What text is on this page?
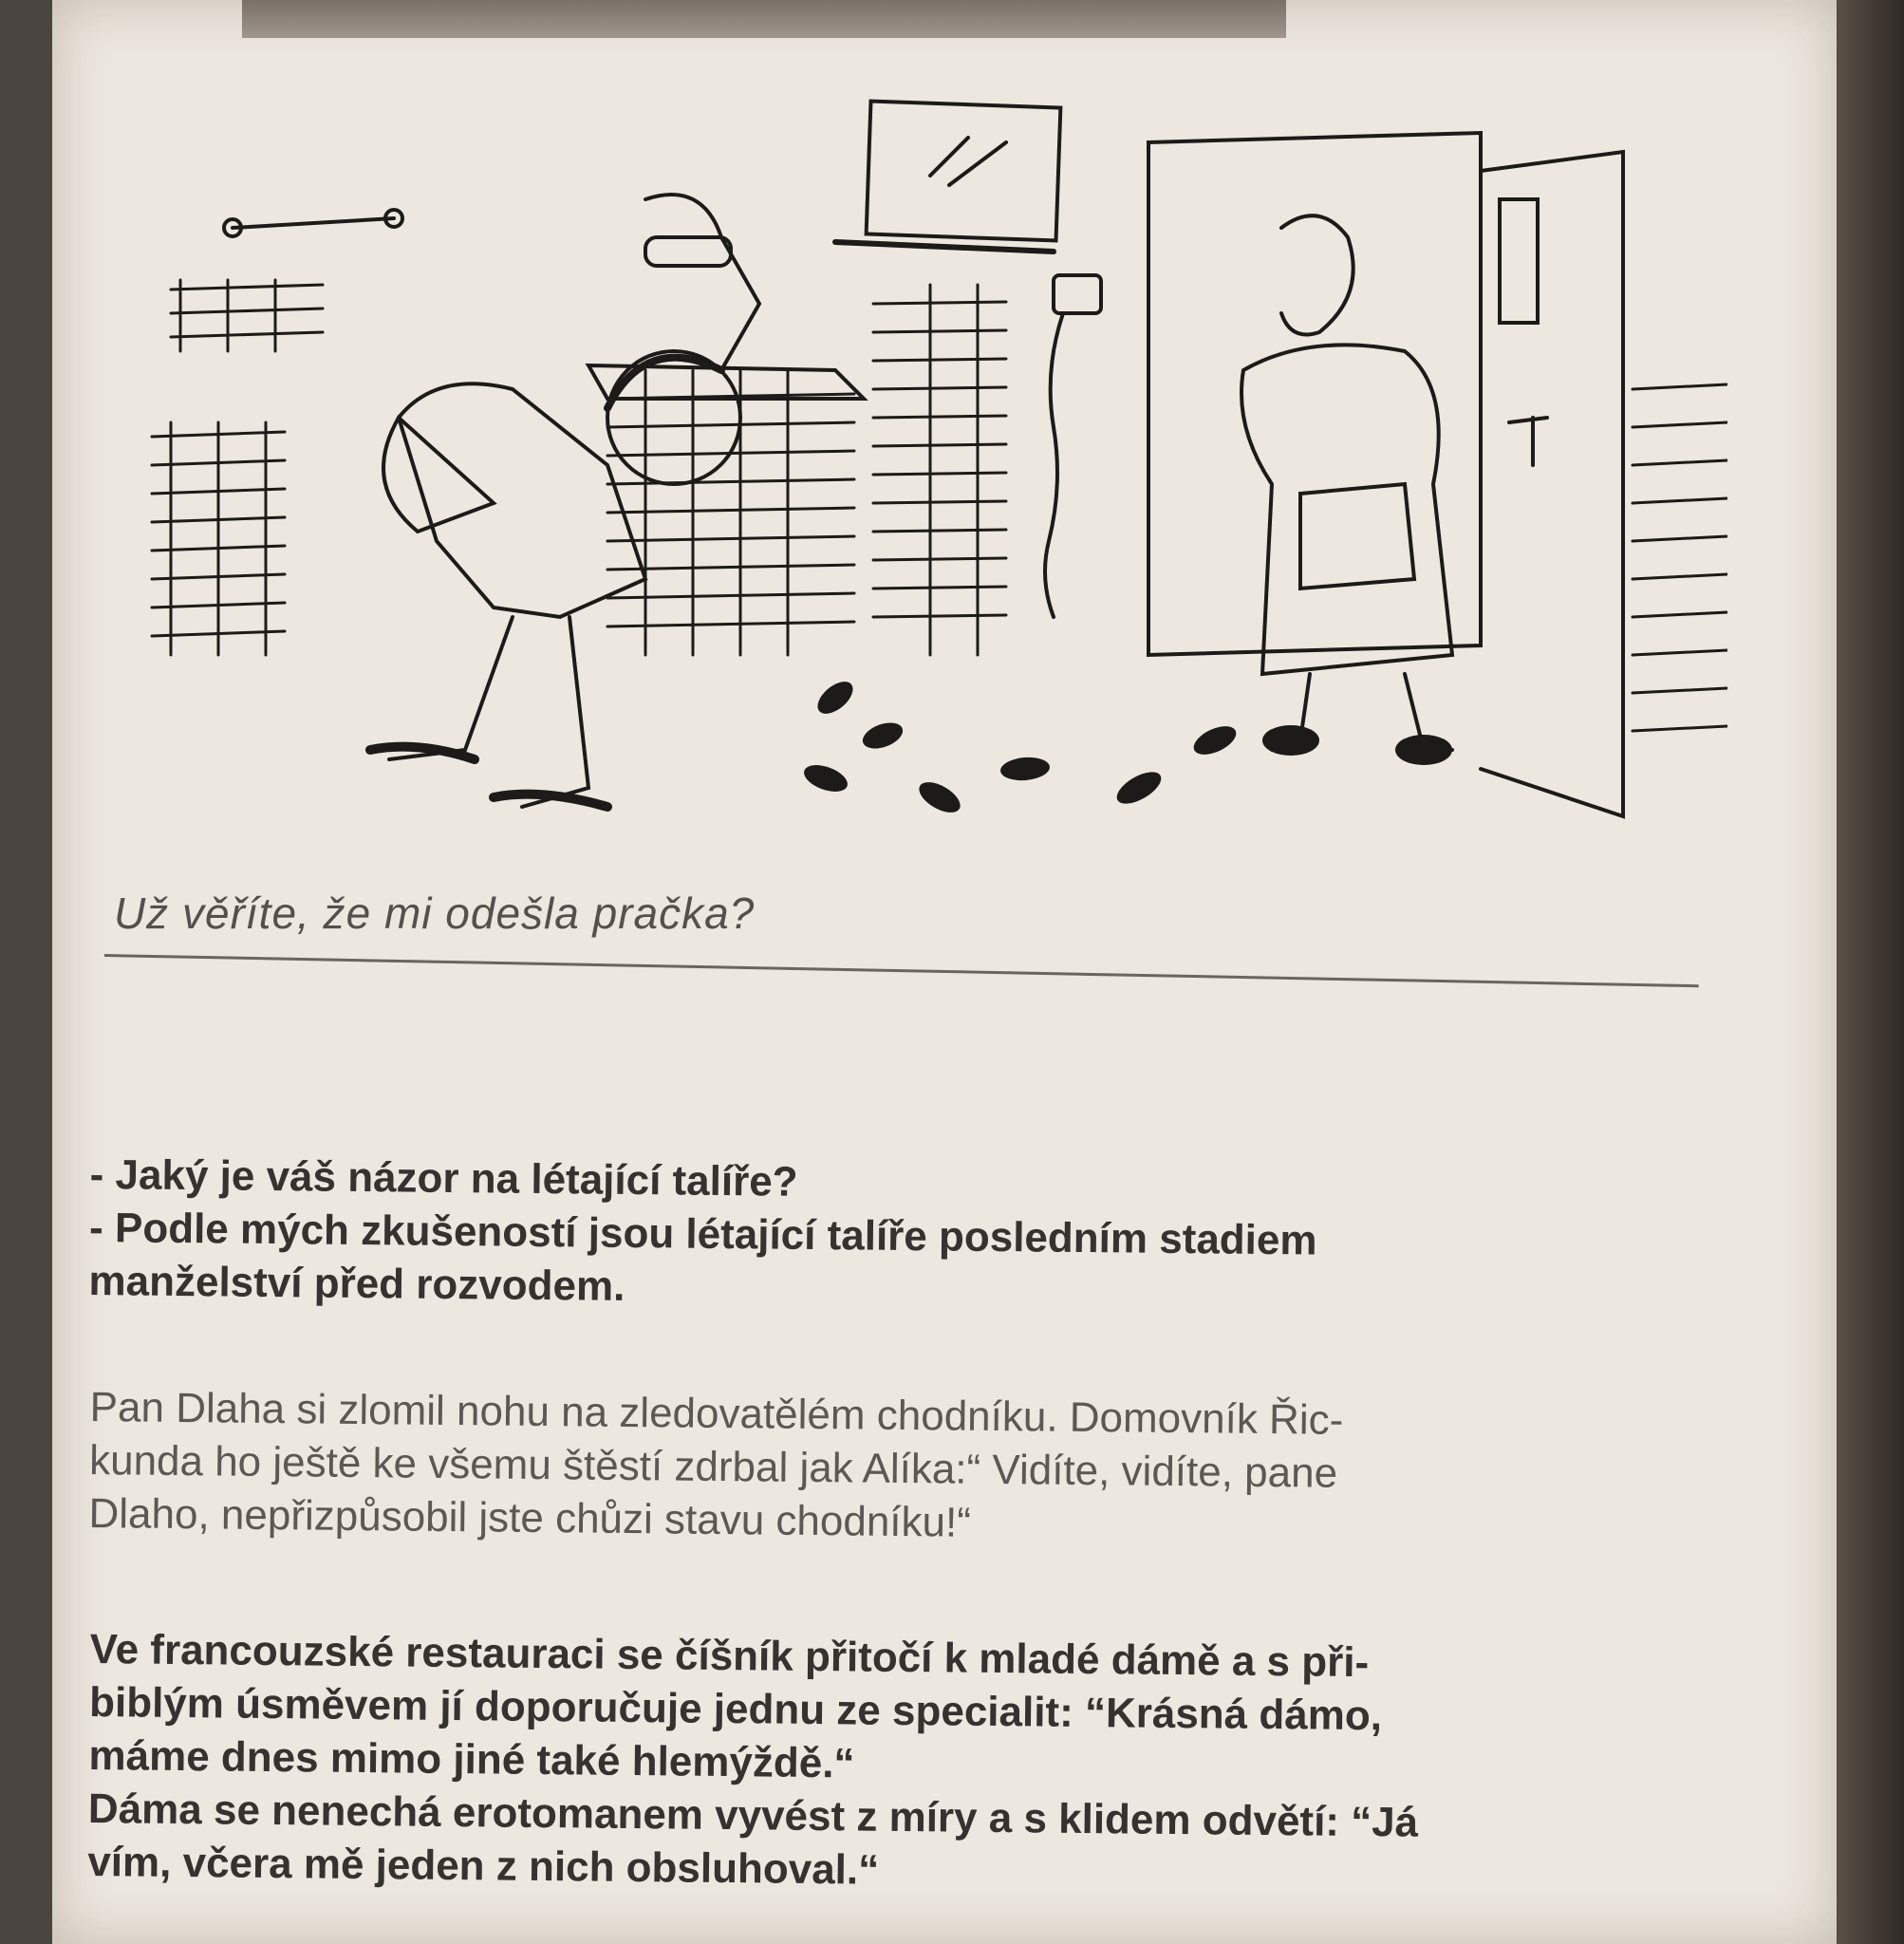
Už věříte, že mi odešla pračka?
- Jaký je váš názor na létající talíře?
- Podle mých zkušeností jsou létající talíře posledním stadiem
manželství před rozvodem.
Pan Dlaha si zlomil nohu na zledovatělém chodníku. Domovník Řic-
kunda ho ještě ke všemu štěstí zdrbal jak Alíka:“ Vidíte, vidíte, pane
Dlaho, nepřizpůsobil jste chůzi stavu chodníku!“
Ve francouzské restauraci se číšník přitočí k mladé dámě a s při-
biblým úsměvem jí doporučuje jednu ze specialit: “Krásná dámo,
máme dnes mimo jiné také hlemýždě.“
Dáma se nenechá erotomanem vyvést z míry a s klidem odvětí: “Já
vím, včera mě jeden z nich obsluhoval.“
